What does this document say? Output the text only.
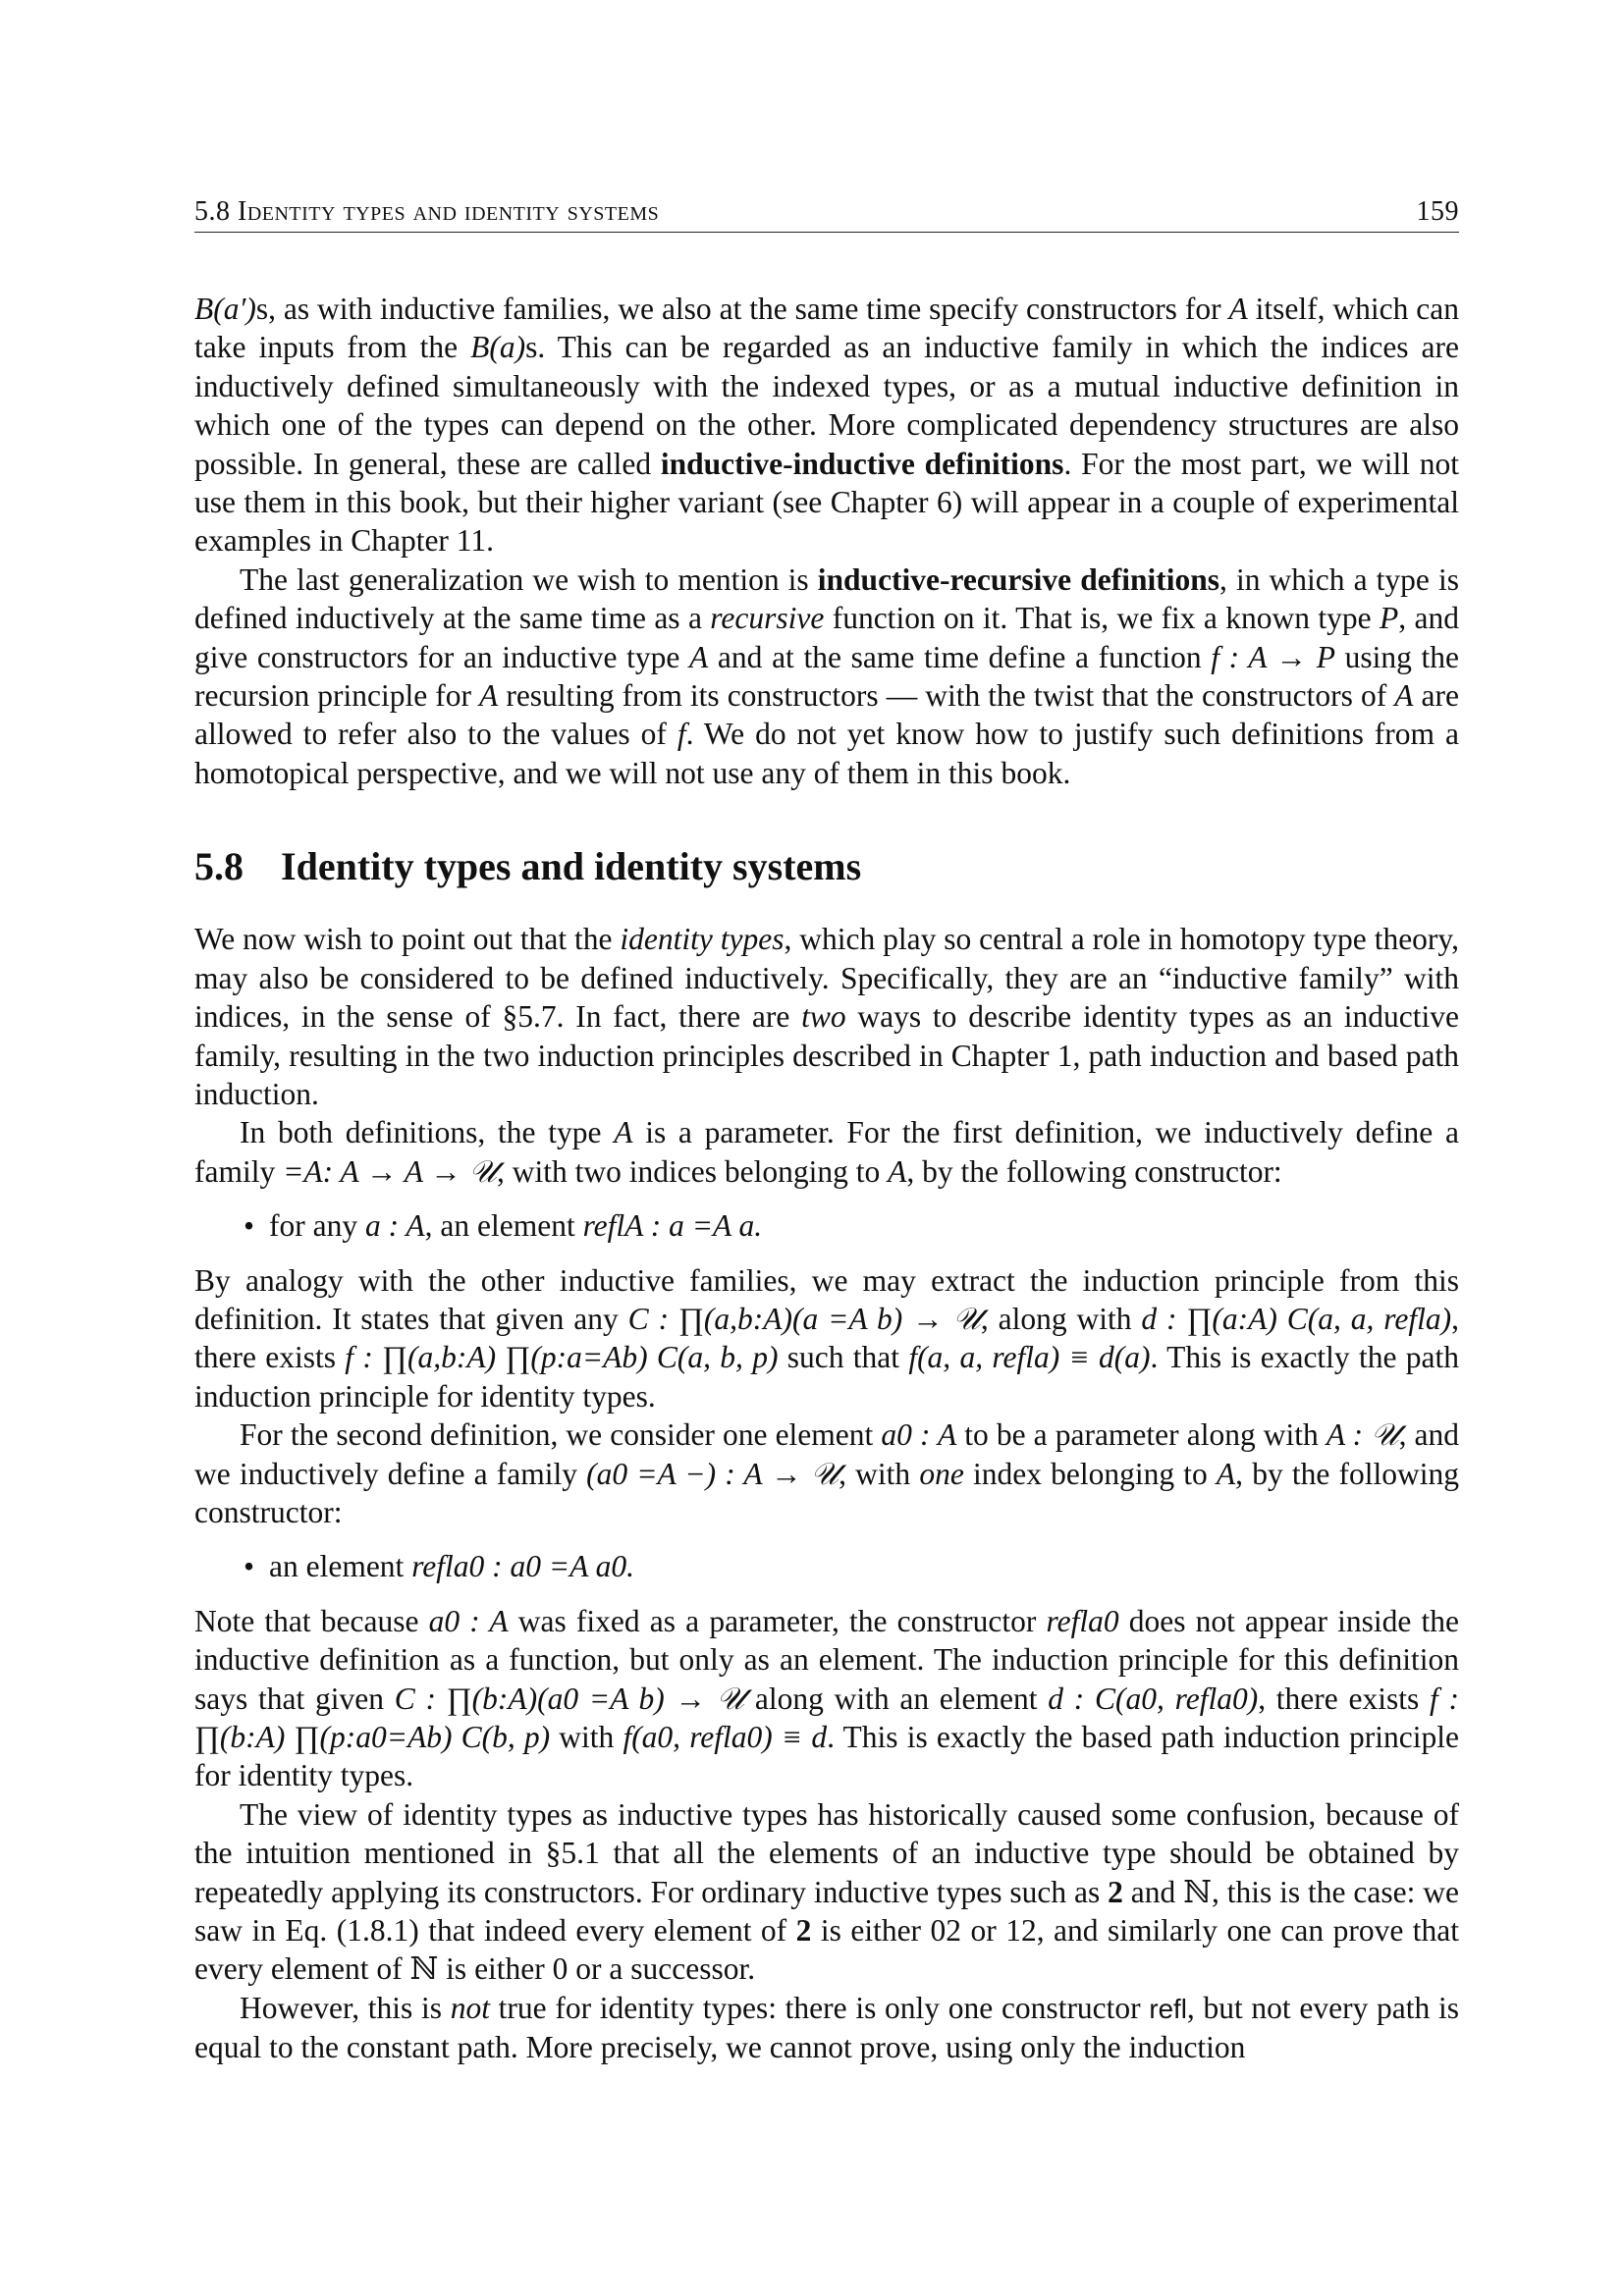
5.8 Identity types and identity systems	159

B(a′)s, as with inductive families, we also at the same time specify constructors for A itself, which can take inputs from the B(a)s. This can be regarded as an inductive family in which the indices are inductively defined simultaneously with the indexed types, or as a mutual inductive definition in which one of the types can depend on the other. More complicated dependency structures are also possible. In general, these are called inductive-inductive definitions. For the most part, we will not use them in this book, but their higher variant (see Chapter 6) will appear in a couple of experimental examples in Chapter 11.

The last generalization we wish to mention is inductive-recursive definitions, in which a type is defined inductively at the same time as a recursive function on it. That is, we fix a known type P, and give constructors for an inductive type A and at the same time define a function f : A → P using the recursion principle for A resulting from its constructors — with the twist that the constructors of A are allowed to refer also to the values of f. We do not yet know how to justify such definitions from a homotopical perspective, and we will not use any of them in this book.

5.8 Identity types and identity systems

We now wish to point out that the identity types, which play so central a role in homotopy type theory, may also be considered to be defined inductively. Specifically, they are an “inductive family” with indices, in the sense of §5.7. In fact, there are two ways to describe identity types as an inductive family, resulting in the two induction principles described in Chapter 1, path induction and based path induction.

In both definitions, the type A is a parameter. For the first definition, we inductively define a family =A: A → A → 𝒰, with two indices belonging to A, by the following constructor:

• for any a : A, an element reflA : a =A a.

By analogy with the other inductive families, we may extract the induction principle from this definition. It states that given any C : ∏(a,b:A)(a =A b) → 𝒰, along with d : ∏(a:A) C(a, a, refla), there exists f : ∏(a,b:A) ∏(p:a=Ab) C(a, b, p) such that f(a, a, refla) ≡ d(a). This is exactly the path induction principle for identity types.

For the second definition, we consider one element a0 : A to be a parameter along with A : 𝒰, and we inductively define a family (a0 =A −) : A → 𝒰, with one index belonging to A, by the following constructor:

• an element refla0 : a0 =A a0.

Note that because a0 : A was fixed as a parameter, the constructor refla0 does not appear inside the inductive definition as a function, but only as an element. The induction principle for this definition says that given C : ∏(b:A)(a0 =A b) → 𝒰 along with an element d : C(a0, refla0), there exists f : ∏(b:A) ∏(p:a0=Ab) C(b, p) with f(a0, refla0) ≡ d. This is exactly the based path induction principle for identity types.

The view of identity types as inductive types has historically caused some confusion, because of the intuition mentioned in §5.1 that all the elements of an inductive type should be obtained by repeatedly applying its constructors. For ordinary inductive types such as 2 and ℕ, this is the case: we saw in Eq. (1.8.1) that indeed every element of 2 is either 02 or 12, and similarly one can prove that every element of ℕ is either 0 or a successor.

However, this is not true for identity types: there is only one constructor refl, but not every path is equal to the constant path. More precisely, we cannot prove, using only the induction
